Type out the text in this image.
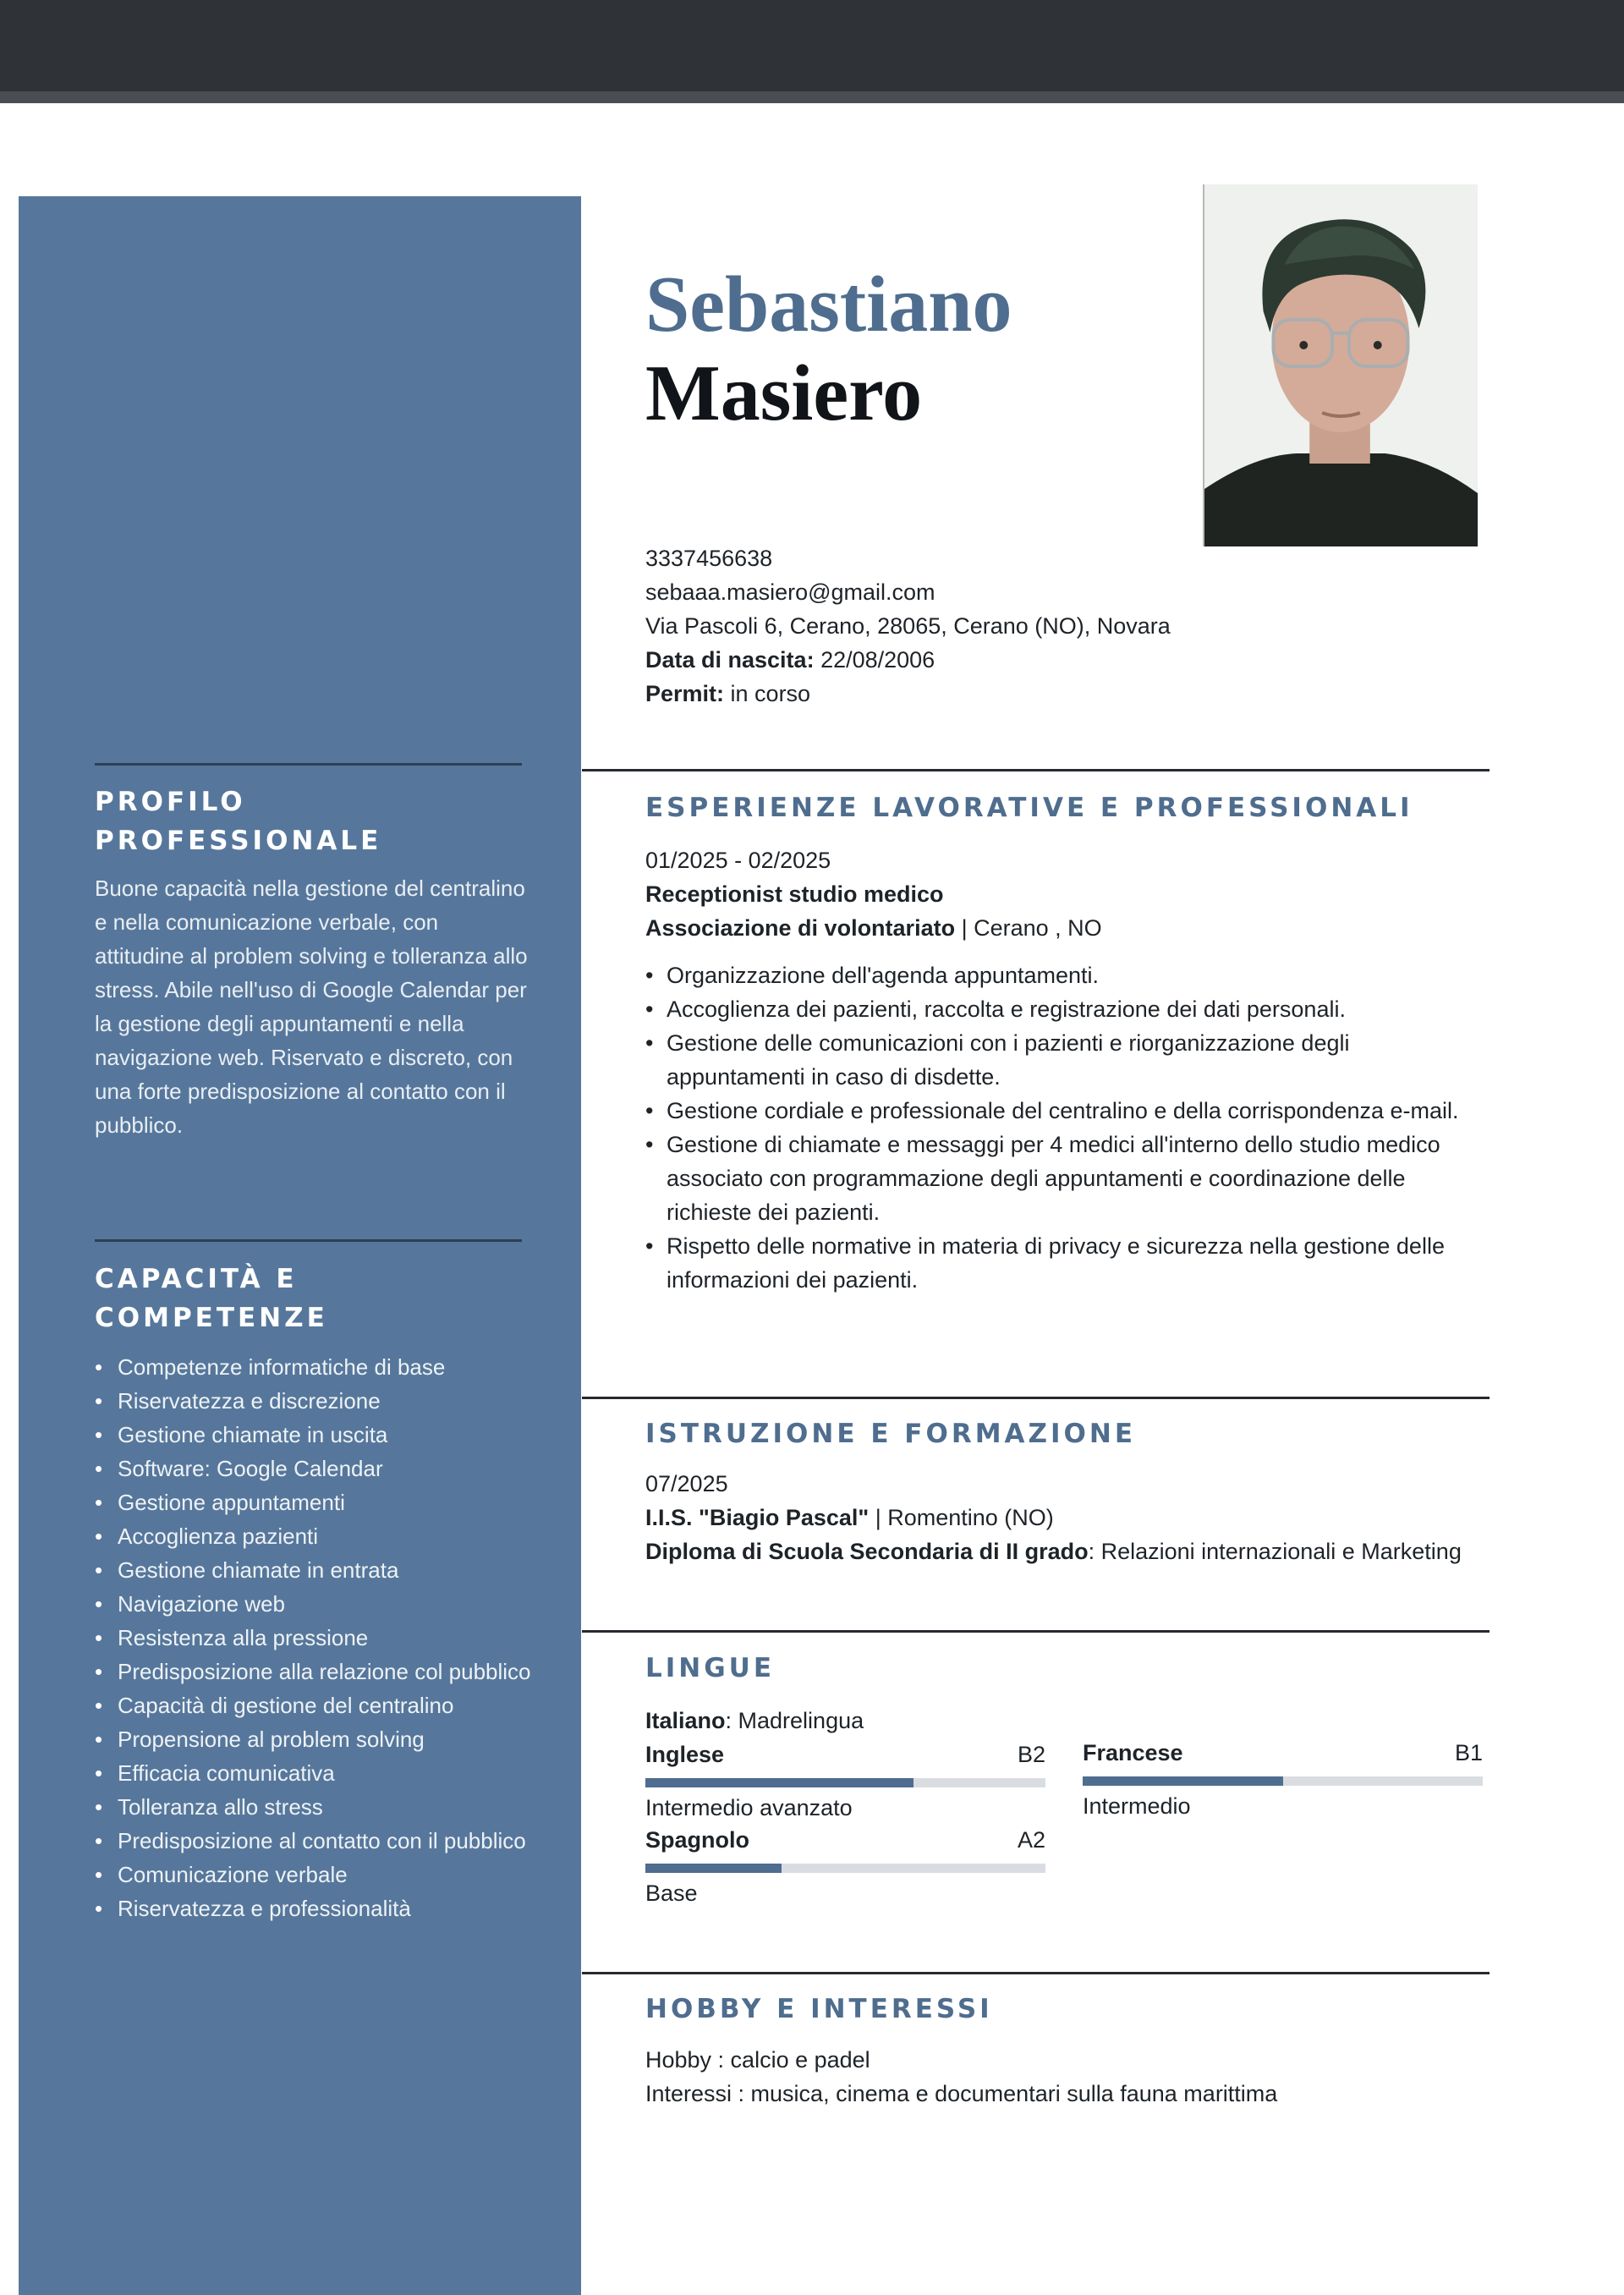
PROFILO PROFESSIONALE
Buone capacità nella gestione del centralino e nella comunicazione verbale, con attitudine al problem solving e tolleranza allo stress. Abile nell'uso di Google Calendar per la gestione degli appuntamenti e nella navigazione web. Riservato e discreto, con una forte predisposizione al contatto con il pubblico.
CAPACITÀ E COMPETENZE
• Competenze informatiche di base
• Riservatezza e discrezione
• Gestione chiamate in uscita
• Software: Google Calendar
• Gestione appuntamenti
• Accoglienza pazienti
• Gestione chiamate in entrata
• Navigazione web
• Resistenza alla pressione
• Predisposizione alla relazione col pubblico
• Capacità di gestione del centralino
• Propensione al problem solving
• Efficacia comunicativa
• Tolleranza allo stress
• Predisposizione al contatto con il pubblico
• Comunicazione verbale
• Riservatezza e professionalità
Sebastiano
Masiero
3337456638
sebaaa.masiero@gmail.com
Via Pascoli 6, Cerano, 28065, Cerano (NO), Novara
Data di nascita: 22/08/2006
Permit: in corso
ESPERIENZE LAVORATIVE E PROFESSIONALI
01/2025 - 02/2025
Receptionist studio medico
Associazione di volontariato | Cerano , NO
• Organizzazione dell'agenda appuntamenti.
• Accoglienza dei pazienti, raccolta e registrazione dei dati personali.
• Gestione delle comunicazioni con i pazienti e riorganizzazione degli appuntamenti in caso di disdette.
• Gestione cordiale e professionale del centralino e della corrispondenza e-mail.
• Gestione di chiamate e messaggi per 4 medici all'interno dello studio medico associato con programmazione degli appuntamenti e coordinazione delle richieste dei pazienti.
• Rispetto delle normative in materia di privacy e sicurezza nella gestione delle informazioni dei pazienti.
ISTRUZIONE E FORMAZIONE
07/2025
I.I.S. "Biagio Pascal" | Romentino (NO)
Diploma di Scuola Secondaria di II grado: Relazioni internazionali e Marketing
LINGUE
Italiano: Madrelingua
Inglese	B2
Intermedio avanzato
Francese	B1
Intermedio
Spagnolo	A2
Base
HOBBY E INTERESSI
Hobby : calcio e padel
Interessi : musica, cinema e documentari sulla fauna marittima
